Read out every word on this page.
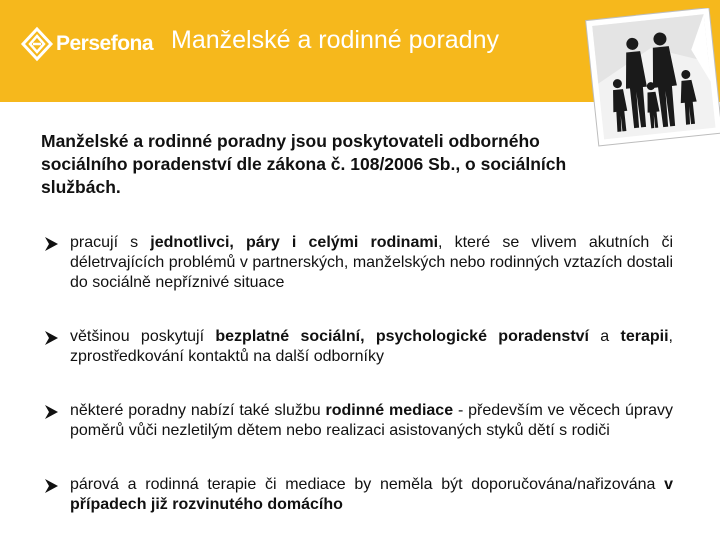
Persefona Manželské a rodinné poradny

Manželské a rodinné poradny jsou poskytovateli odborného sociálního poradenství dle zákona č. 108/2006 Sb., o sociálních službách.

pracují s jednotlivci, páry i celými rodinami, které se vlivem akutních či déletrvajících problémů v partnerských, manželských nebo rodinných vztazích dostali do sociálně nepříznivé situace
většinou poskytují bezplatné sociální, psychologické poradenství a terapii, zprostředkování kontaktů na další odborníky
některé poradny nabízí také službu rodinné mediace - především ve věcech úpravy poměrů vůči nezletilým dětem nebo realizaci asistovaných styků dětí s rodiči
párová a rodinná terapie či mediace by neměla být doporučována/nařizována v případech již rozvinutého domácího
